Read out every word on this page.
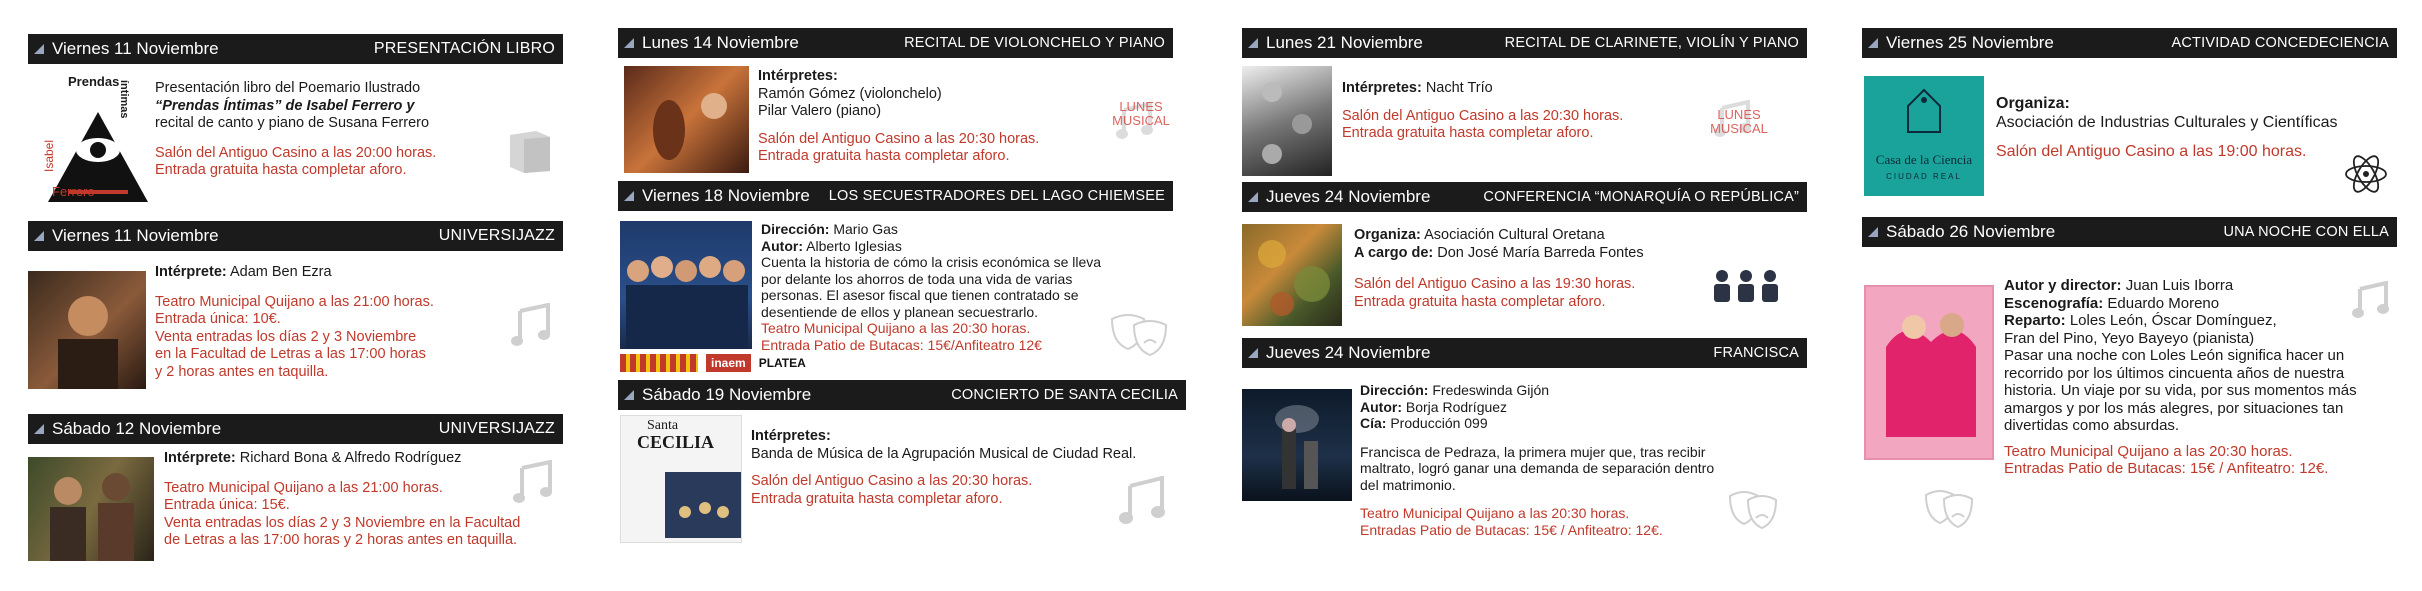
Viernes 11 Noviembre	PRESENTACIÓN LIBRO
Prendas
íntimas
Isabel
Ferrero

Presentación libro del Poemario Ilustrado

“Prendas Íntimas” de Isabel Ferrero y

recital de canto y piano de Susana Ferrero

Salón del Antiguo Casino a las 20:00 horas.

Entrada gratuita hasta completar aforo.

Viernes 11 Noviembre	UNIVERSIJAZZ

Intérprete: Adam Ben Ezra

Teatro Municipal Quijano a las 21:00 horas.

Entrada única: 10€.

Venta entradas los días 2 y 3 Noviembre

en la Facultad de Letras a las 17:00 horas

y 2 horas antes en taquilla.

Sábado 12 Noviembre	UNIVERSIJAZZ

Intérprete: Richard Bona & Alfredo Rodríguez

Teatro Municipal Quijano a las 21:00 horas.

Entrada única: 15€.

Venta entradas los días 2 y 3 Noviembre en la Facultad

de Letras a las 17:00 horas y 2 horas antes en taquilla.

Lunes 14 Noviembre	RECITAL DE VIOLONCHELO Y PIANO

Intérpretes:

Ramón Gómez (violonchelo)

Pilar Valero (piano)

Salón del Antiguo Casino a las 20:30 horas.

Entrada gratuita hasta completar aforo.

LUNES
MUSICAL
Viernes 18 Noviembre LOS SECUESTRADORES DEL LAGO CHIEMSEE
inaem	PLATEA

Dirección: Mario Gas

Autor: Alberto Iglesias

Cuenta la historia de cómo la crisis económica se lleva

por delante los ahorros de toda una vida de varias

personas. El asesor fiscal que tienen contratado se

desentiende de ellos y planean secuestrarlo.

Teatro Municipal Quijano a las 20:30 horas.

Entrada Patio de Butacas: 15€/Anfiteatro 12€

Sábado 19 Noviembre	CONCIERTO DE SANTA CECILIA
Santa
CECILIA	Intérpretes:

Banda de Música de la Agrupación Musical de Ciudad Real.

Salón del Antiguo Casino a las 20:30 horas.

Entrada gratuita hasta completar aforo.

Lunes 21 Noviembre	RECITAL DE CLARINETE, VIOLÍN Y PIANO

Intérpretes: Nacht Trío

Salón del Antiguo Casino a las 20:30 horas.

Entrada gratuita hasta completar aforo.

LUNES
MUSICAL
Jueves 24 Noviembre	CONFERENCIA “MONARQUÍA O REPÚBLICA”

Organiza: Asociación Cultural Oretana

A cargo de: Don José María Barreda Fontes

Salón del Antiguo Casino a las 19:30 horas.

Entrada gratuita hasta completar aforo.

Jueves 24 Noviembre	FRANCISCA

Dirección: Fredeswinda Gijón

Autor: Borja Rodríguez

Cía: Producción 099

Francisca de Pedraza, la primera mujer que, tras recibir

maltrato, logró ganar una demanda de separación dentro

del matrimonio.

Teatro Municipal Quijano a las 20:30 horas.

Entradas Patio de Butacas: 15€ / Anfiteatro: 12€.

Viernes 25 Noviembre	ACTIVIDAD CONCEDECIENCIA
Casa de la Ciencia
CIUDAD REAL

Organiza:

Asociación de Industrias Culturales y Científicas

Salón del Antiguo Casino a las 19:00 horas.

Sábado 26 Noviembre	UNA NOCHE CON ELLA

Autor y director: Juan Luis Iborra

Escenografía: Eduardo Moreno

Reparto: Loles León, Óscar Domínguez,

Fran del Pino, Yeyo Bayeyo (pianista)

Pasar una noche con Loles León significa hacer un

recorrido por los últimos cincuenta años de nuestra

historia. Un viaje por su vida, por sus momentos más

amargos y por los más alegres, por situaciones tan

divertidas como absurdas.

Teatro Municipal Quijano a las 20:30 horas.

Entradas Patio de Butacas: 15€ / Anfiteatro: 12€.
